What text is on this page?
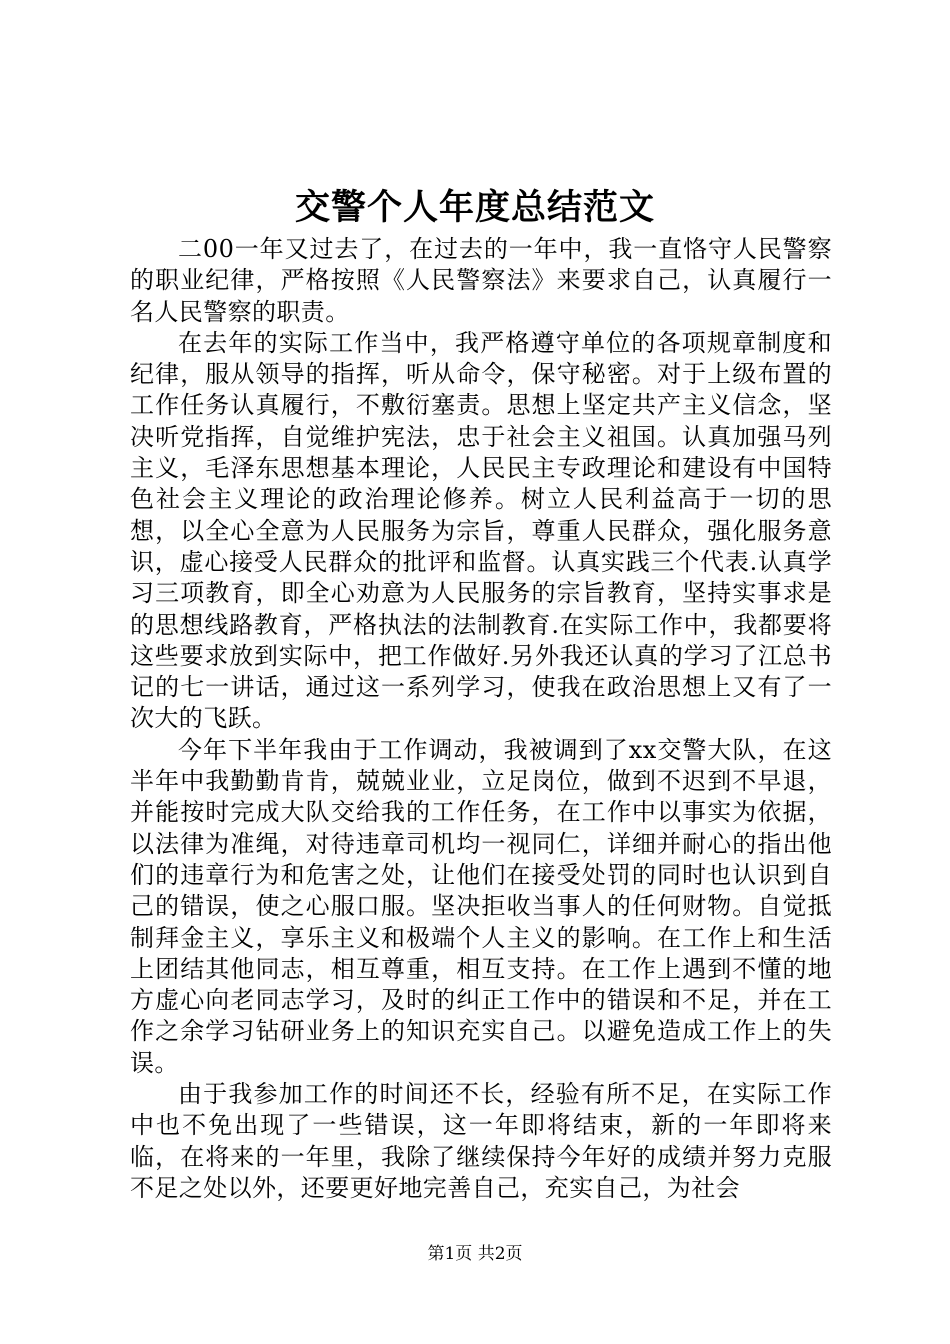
交警个人年度总结范文

二00一年又过去了，在过去的一年中，我一直恪守人民警察的职业纪律，严格按照《人民警察法》来要求自己，认真履行一名人民警察的职责。

在去年的实际工作当中，我严格遵守单位的各项规章制度和纪律，服从领导的指挥，听从命令，保守秘密。对于上级布置的工作任务认真履行，不敷衍塞责。思想上坚定共产主义信念，坚决听党指挥，自觉维护宪法，忠于社会主义祖国。认真加强马列主义，毛泽东思想基本理论，人民民主专政理论和建设有中国特色社会主义理论的政治理论修养。树立人民利益高于一切的思想，以全心全意为人民服务为宗旨，尊重人民群众，强化服务意识，虚心接受人民群众的批评和监督。认真实践三个代表.认真学习三项教育，即全心劝意为人民服务的宗旨教育，坚持实事求是的思想线路教育，严格执法的法制教育.在实际工作中，我都要将这些要求放到实际中，把工作做好.另外我还认真的学习了江总书记的七一讲话，通过这一系列学习，使我在政治思想上又有了一次大的飞跃。

今年下半年我由于工作调动，我被调到了xx交警大队，在这半年中我勤勤肯肯，兢兢业业，立足岗位，做到不迟到不早退，并能按时完成大队交给我的工作任务，在工作中以事实为依据，以法律为准绳，对待违章司机均一视同仁，详细并耐心的指出他们的违章行为和危害之处，让他们在接受处罚的同时也认识到自己的错误，使之心服口服。坚决拒收当事人的任何财物。自觉抵制拜金主义，享乐主义和极端个人主义的影响。在工作上和生活上团结其他同志，相互尊重，相互支持。在工作上遇到不懂的地方虚心向老同志学习，及时的纠正工作中的错误和不足，并在工作之余学习钻研业务上的知识充实自己。以避免造成工作上的失误。

由于我参加工作的时间还不长，经验有所不足，在实际工作中也不免出现了一些错误，这一年即将结束，新的一年即将来临，在将来的一年里，我除了继续保持今年好的成绩并努力克服不足之处以外，还要更好地完善自己，充实自己，为社会

第1页 共2页
